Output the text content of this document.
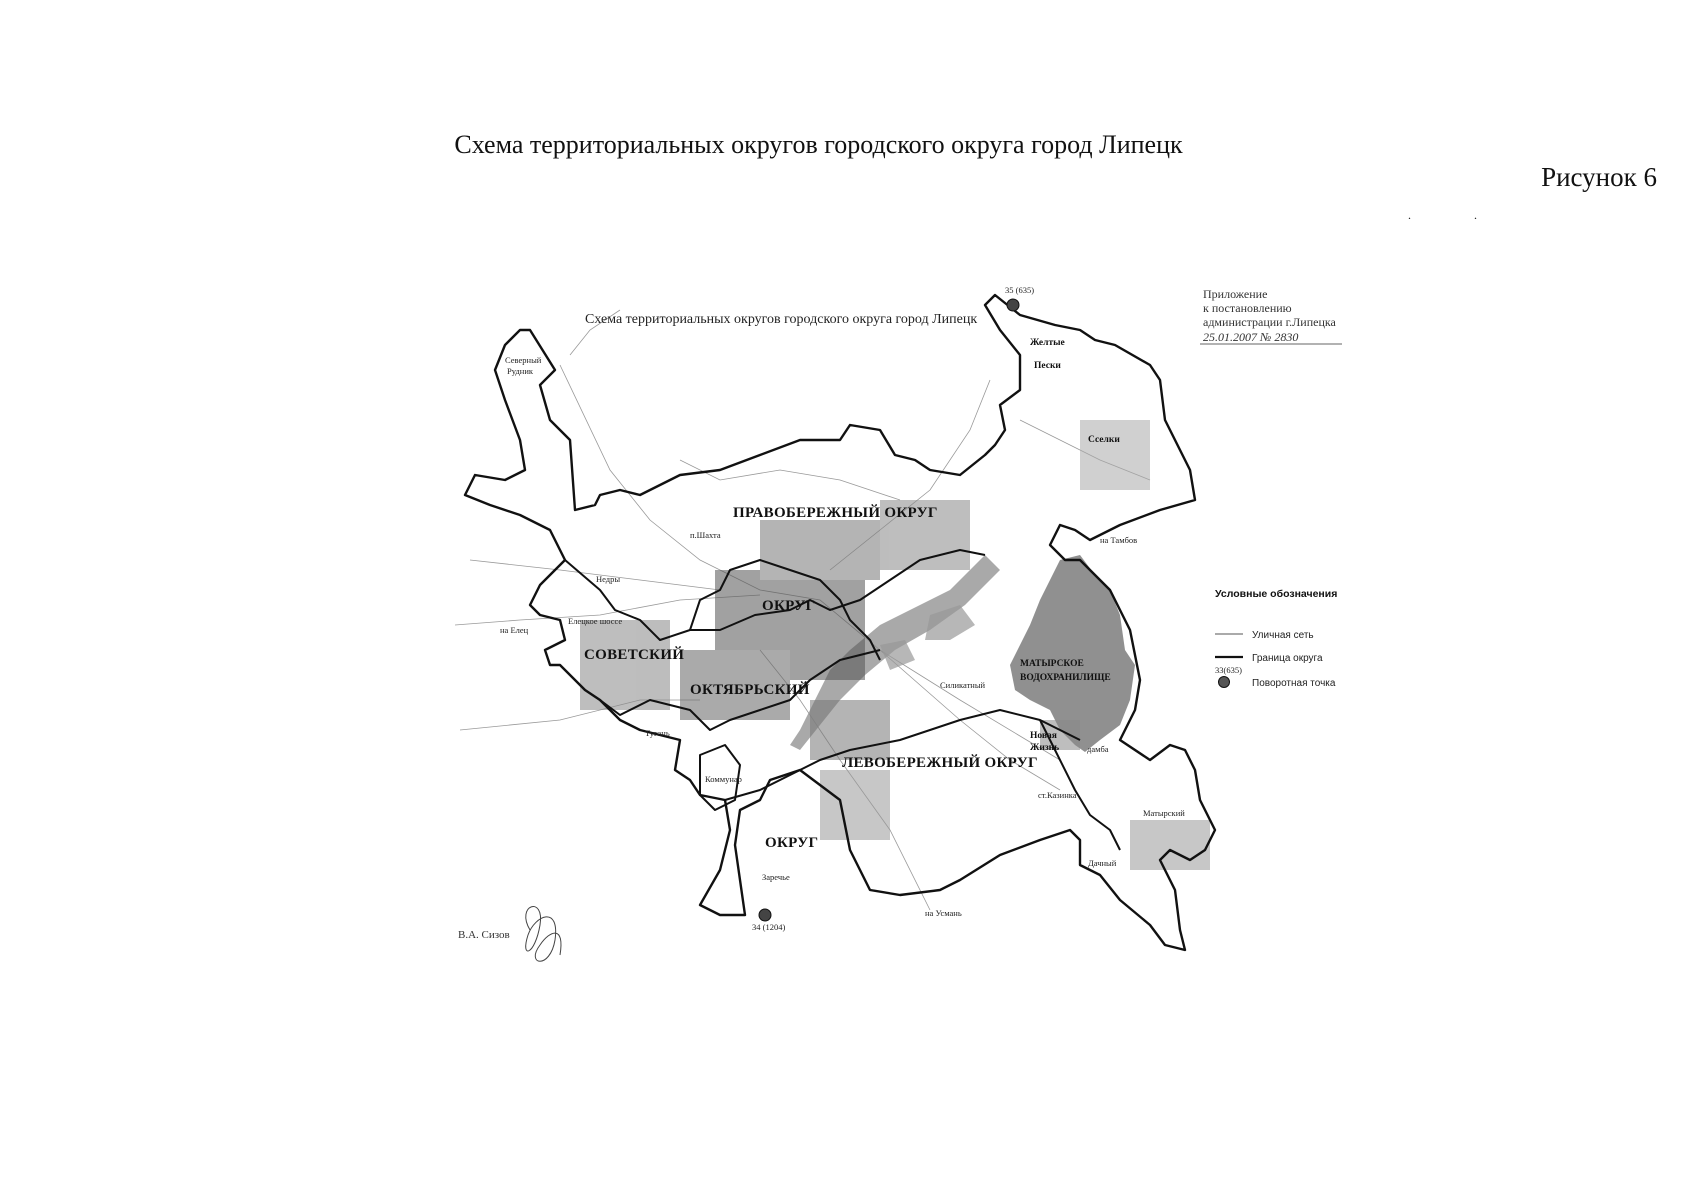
Схема территориальных округов городского округа город Липецк
Рисунок 6
. .
Схема территориальных округов городского округа город Липецк
Приложение
к постановлению
администрации г.Липецка
25.01.2007 № 2830
ПРАВОБЕРЕЖНЫЙ ОКРУГ
ОКРУГ
СОВЕТСКИЙ
ОКТЯБРЬСКИЙ
ЛЕВОБЕРЕЖНЫЙ ОКРУГ
ОКРУГ
МАТЫРСКОЕ
ВОДОХРАНИЛИЩЕ
Северный
Рудник
Желтые
Пески
Сселки
п.Шахта
Недры
на Тамбов
Елецкое шоссе
на Елец
Силикатный
Новая
Жизнь	дамба
ст.Казинка
Матырский
Дачный
Тугань
Коммунар
Заречье
на Усмань
35 (635)
34 (1204)
Условные обозначения
Уличная сеть
Граница округа
33(635)
Поворотная точка
В.А. Сизов
